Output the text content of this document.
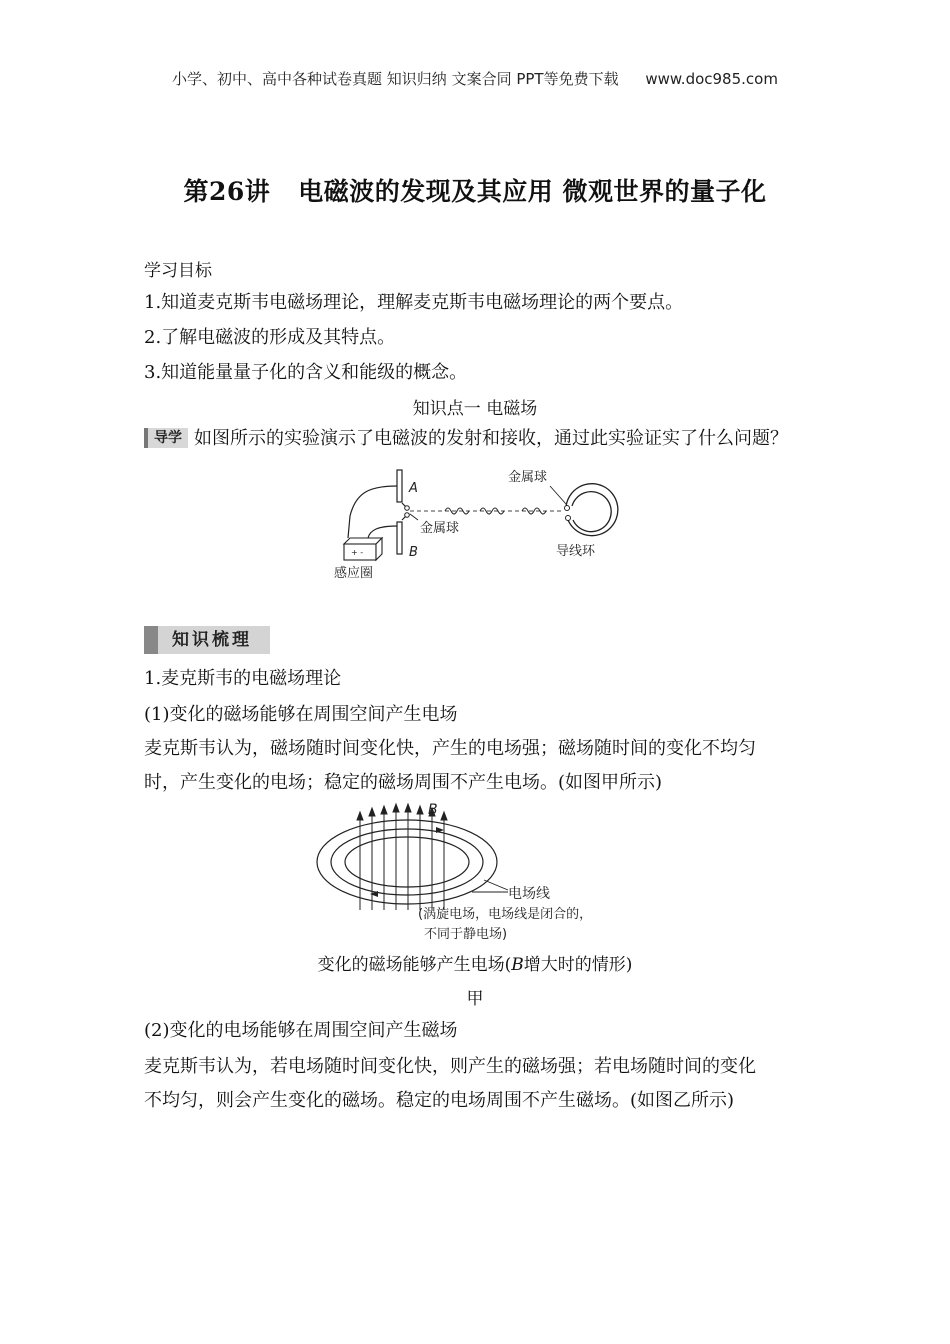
小学、初中、高中各种试卷真题 知识归纳 文案合同 PPT等免费下载 www.doc985.com
第26讲 电磁波的发现及其应用 微观世界的量子化
学习目标
1.知道麦克斯韦电磁场理论，理解麦克斯韦电磁场理论的两个要点。
2.了解电磁波的形成及其特点。
3.知道能量量子化的含义和能级的概念。
知识点一 电磁场
导学 如图所示的实验演示了电磁波的发射和接收，通过此实验证实了什么问题？
+ -
A
B
金属球
金属球
感应圈
导线环
知识梳理
1.麦克斯韦的电磁场理论
(1)变化的磁场能够在周围空间产生电场
麦克斯韦认为，磁场随时间变化快，产生的电场强；磁场随时间的变化不均匀
时，产生变化的电场；稳定的磁场周围不产生电场。(如图甲所示)
B
电场线
(涡旋电场，电场线是闭合的，
不同于静电场)
变化的磁场能够产生电场(B增大时的情形)
甲
(2)变化的电场能够在周围空间产生磁场
麦克斯韦认为，若电场随时间变化快，则产生的磁场强；若电场随时间的变化
不均匀，则会产生变化的磁场。稳定的电场周围不产生磁场。(如图乙所示)
